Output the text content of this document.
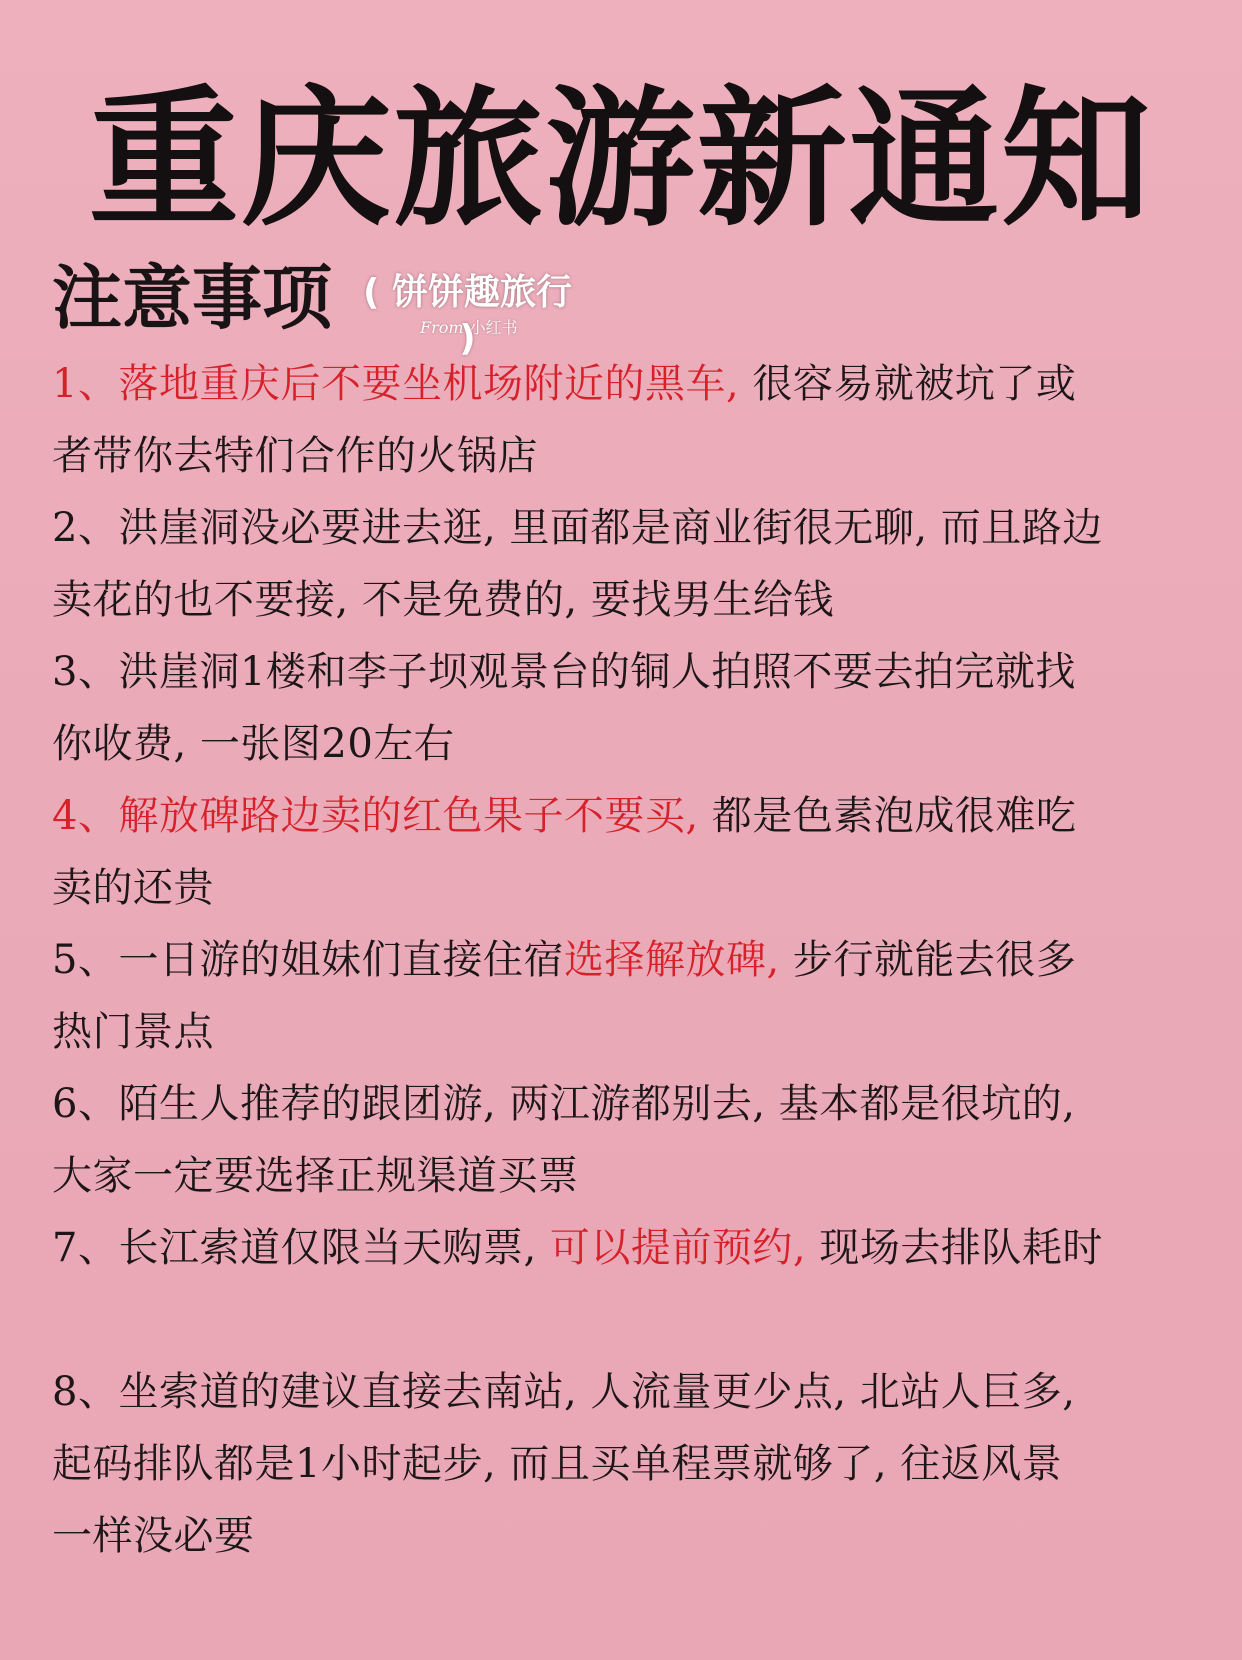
重庆旅游新通知
注意事项 ( 饼饼趣旅行 )
From 小红书
1、落地重庆后不要坐机场附近的黑车, 很容易就被坑了或
者带你去特们合作的火锅店
2、洪崖洞没必要进去逛, 里面都是商业街很无聊, 而且路边
卖花的也不要接, 不是免费的, 要找男生给钱
3、洪崖洞1楼和李子坝观景台的铜人拍照不要去拍完就找
你收费, 一张图20左右
4、解放碑路边卖的红色果子不要买, 都是色素泡成很难吃
卖的还贵
5、一日游的姐妹们直接住宿选择解放碑, 步行就能去很多
热门景点
6、陌生人推荐的跟团游, 两江游都别去, 基本都是很坑的,
大家一定要选择正规渠道买票
7、长江索道仅限当天购票, 可以提前预约, 现场去排队耗时
8、坐索道的建议直接去南站, 人流量更少点, 北站人巨多,
起码排队都是1小时起步, 而且买单程票就够了, 往返风景
一样没必要
